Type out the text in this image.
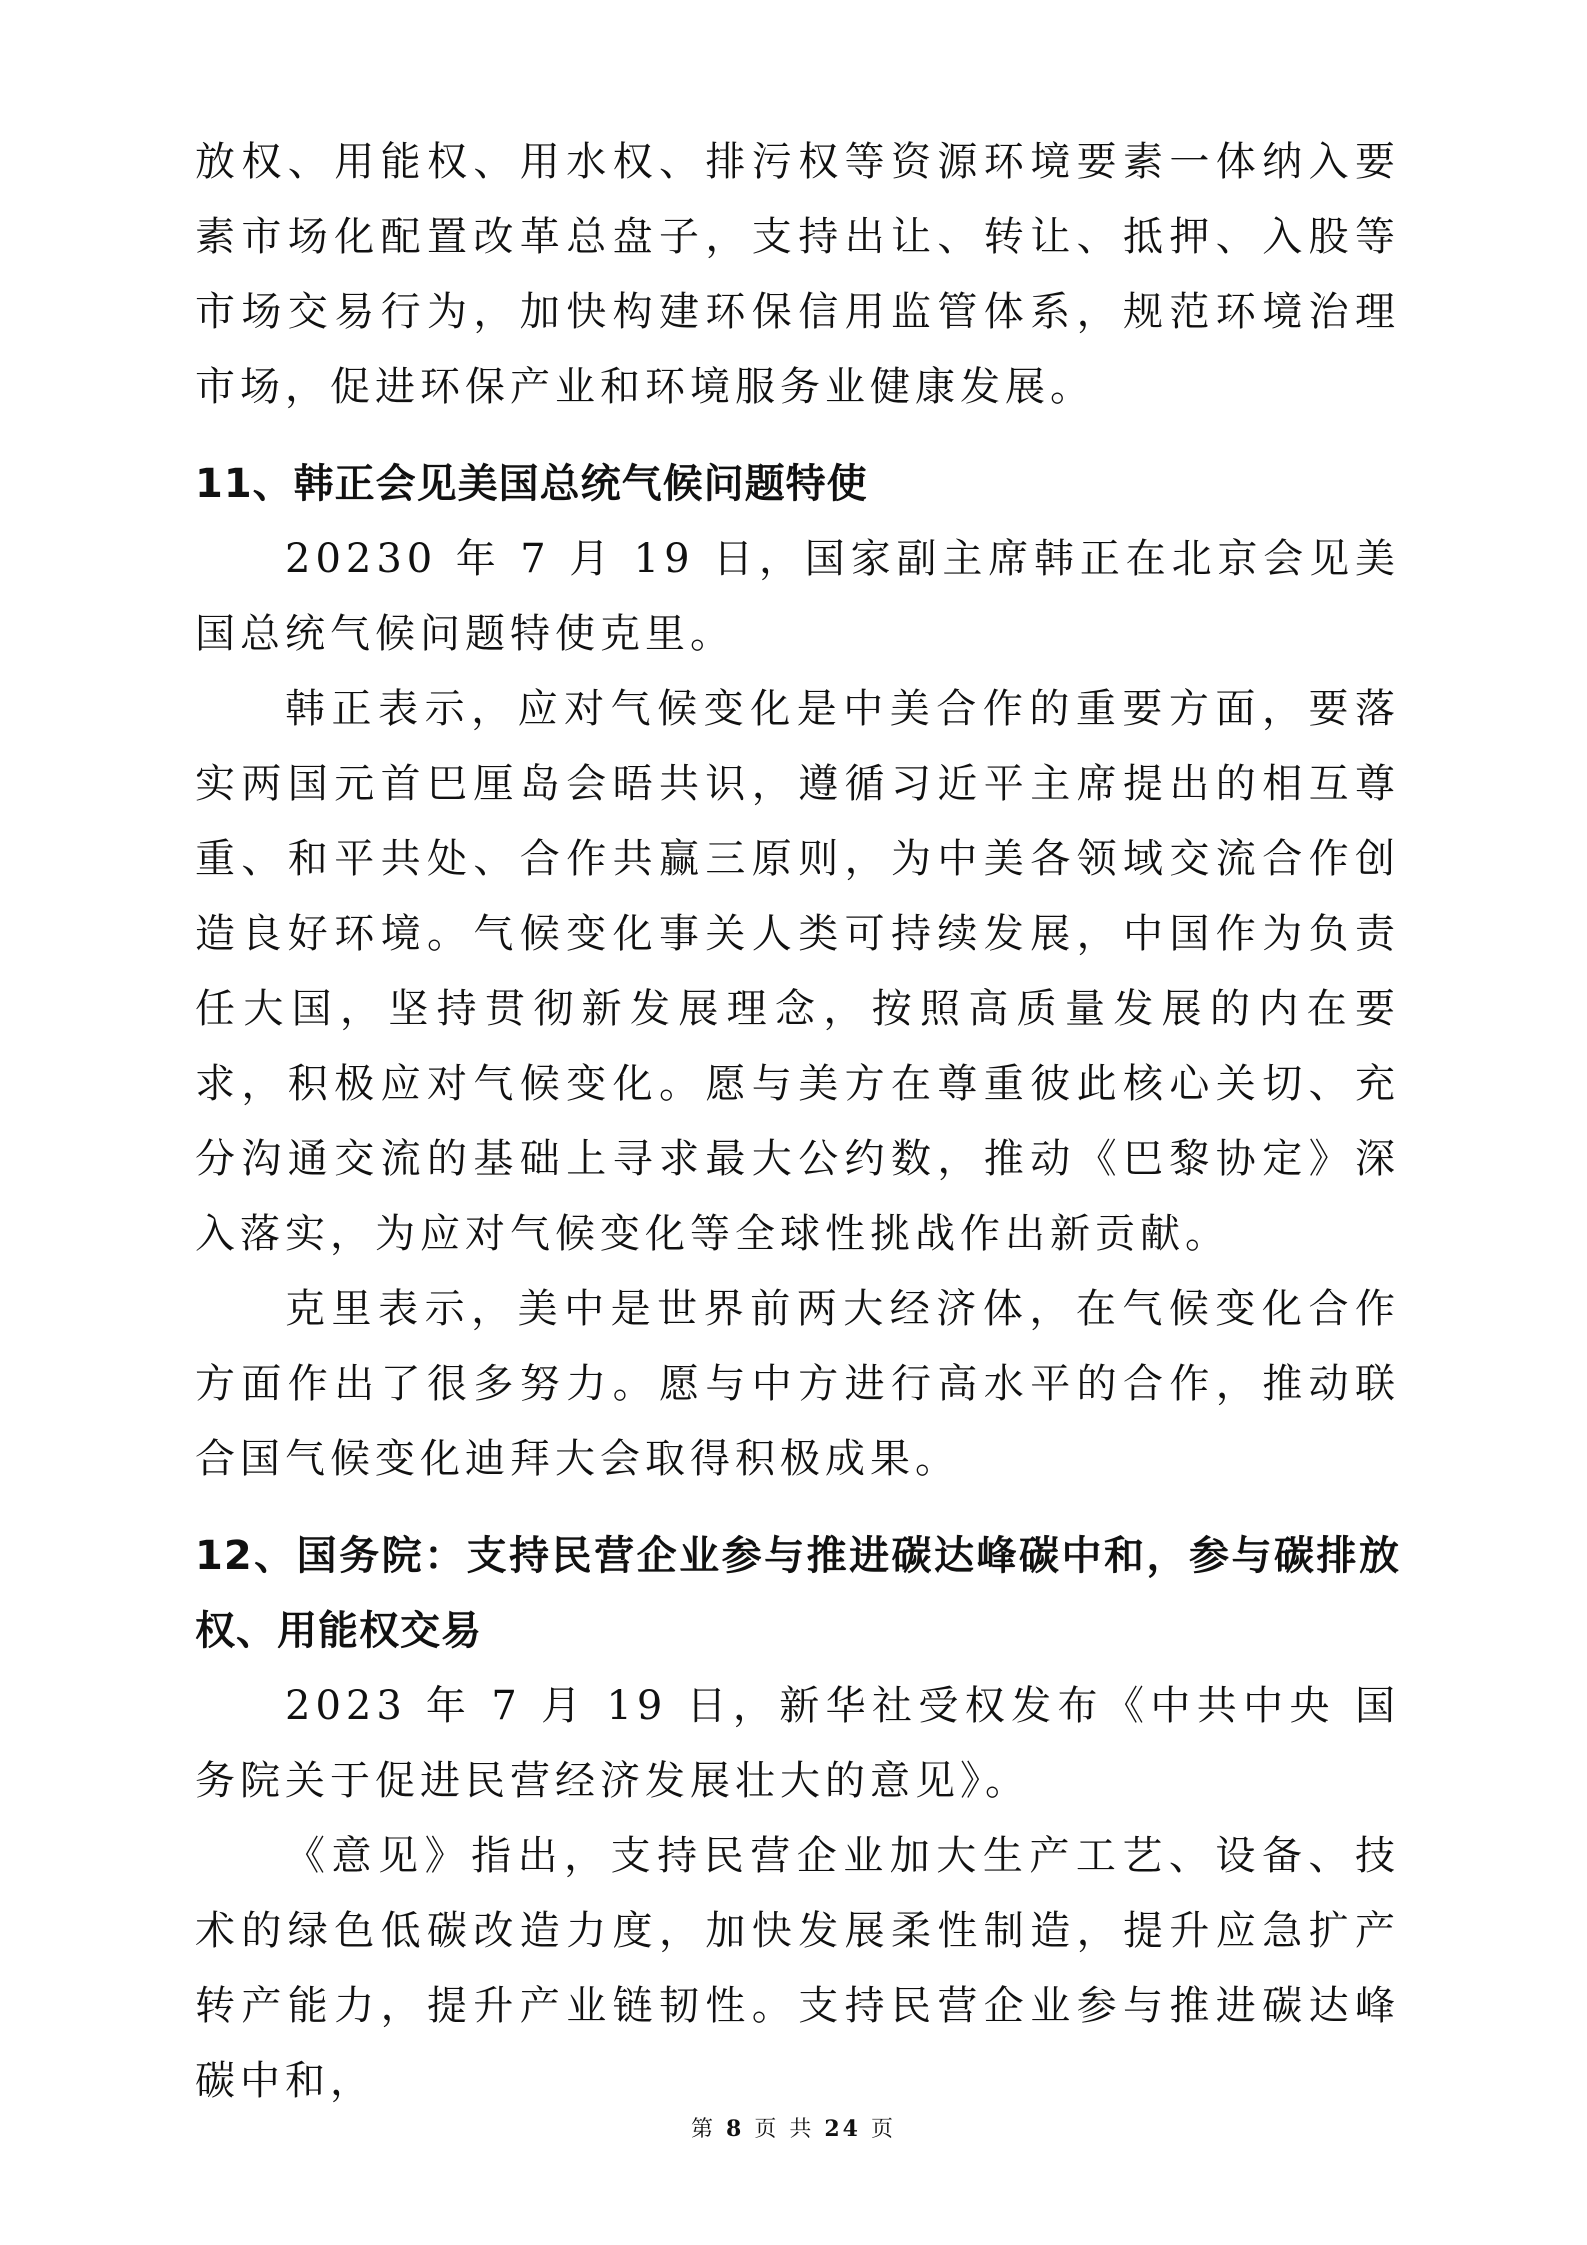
放权、用能权、用水权、排污权等资源环境要素一体纳入要素市场化配置改革总盘子，支持出让、转让、抵押、入股等市场交易行为，加快构建环保信用监管体系，规范环境治理市场，促进环保产业和环境服务业健康发展。

11、韩正会见美国总统气候问题特使

20230 年 7 月 19 日，国家副主席韩正在北京会见美国总统气候问题特使克里。

韩正表示，应对气候变化是中美合作的重要方面，要落实两国元首巴厘岛会晤共识，遵循习近平主席提出的相互尊重、和平共处、合作共赢三原则，为中美各领域交流合作创造良好环境。气候变化事关人类可持续发展，中国作为负责任大国，坚持贯彻新发展理念，按照高质量发展的内在要求，积极应对气候变化。愿与美方在尊重彼此核心关切、充分沟通交流的基础上寻求最大公约数，推动《巴黎协定》深入落实，为应对气候变化等全球性挑战作出新贡献。

克里表示，美中是世界前两大经济体，在气候变化合作方面作出了很多努力。愿与中方进行高水平的合作，推动联合国气候变化迪拜大会取得积极成果。

12、国务院：支持民营企业参与推进碳达峰碳中和，参与碳排放权、用能权交易

2023 年 7 月 19 日，新华社受权发布《中共中央 国务院关于促进民营经济发展壮大的意见》。

《意见》指出，支持民营企业加大生产工艺、设备、技术的绿色低碳改造力度，加快发展柔性制造，提升应急扩产转产能力，提升产业链韧性。支持民营企业参与推进碳达峰碳中和，

第 8 页 共 24 页
